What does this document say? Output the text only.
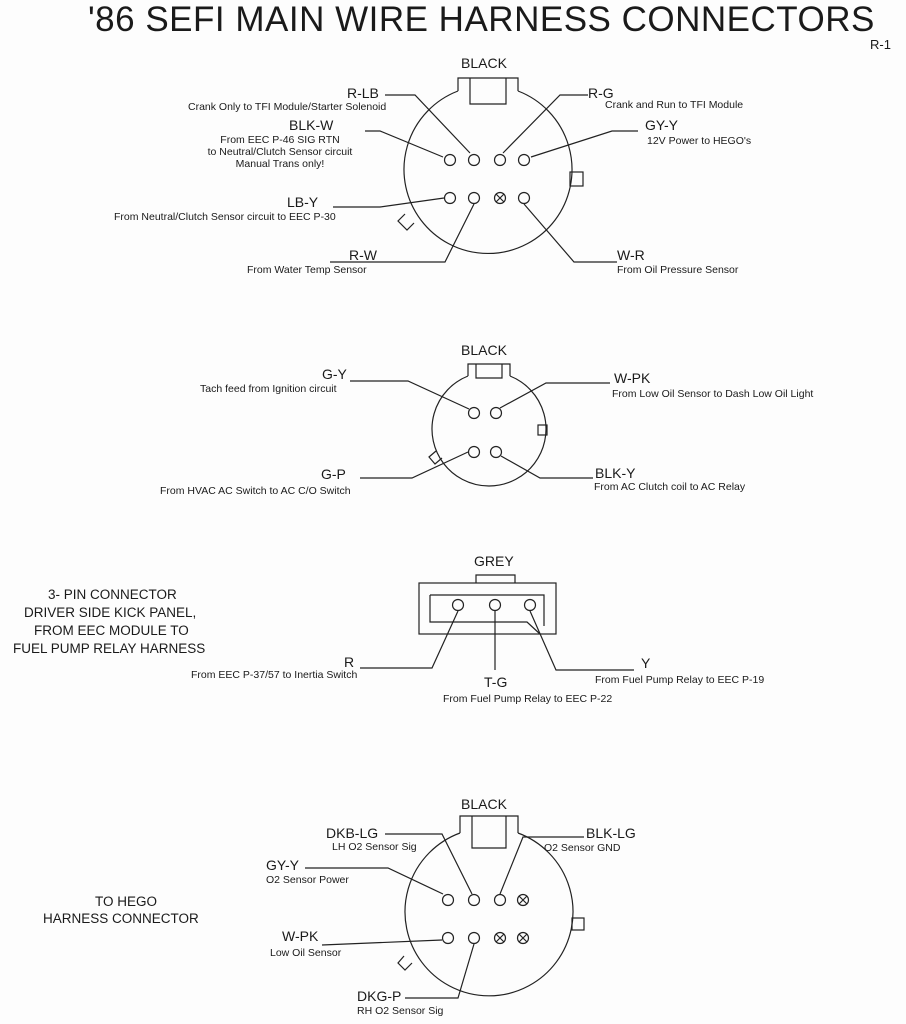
'86 SEFI MAIN WIRE HARNESS CONNECTORS
R-1
BLACK
R-LB
Crank Only to TFI Module/Starter Solenoid
R-G
Crank and Run to TFI Module
BLK-W
From EEC P-46 SIG RTN
to Neutral/Clutch Sensor circuit
Manual Trans only!
GY-Y
12V Power to HEGO's
LB-Y
From Neutral/Clutch Sensor circuit to EEC P-30
R-W
From Water Temp Sensor
W-R
From Oil Pressure Sensor
BLACK
G-Y
Tach feed from Ignition circuit
W-PK
From Low Oil Sensor to Dash Low Oil Light
G-P
From HVAC AC Switch to AC C/O Switch
BLK-Y
From AC Clutch coil to AC Relay
GREY
3- PIN CONNECTOR
DRIVER SIDE KICK PANEL,
FROM EEC MODULE TO
FUEL PUMP RELAY HARNESS
R
From EEC P-37/57 to Inertia Switch	T-G
From Fuel Pump Relay to EEC P-22
Y
From Fuel Pump Relay to EEC P-19
BLACK
TO HEGO
HARNESS CONNECTOR
DKB-LG
LH O2 Sensor Sig
BLK-LG
O2 Sensor GND
GY-Y
O2 Sensor Power
W-PK
Low Oil Sensor
DKG-P
RH O2 Sensor Sig
